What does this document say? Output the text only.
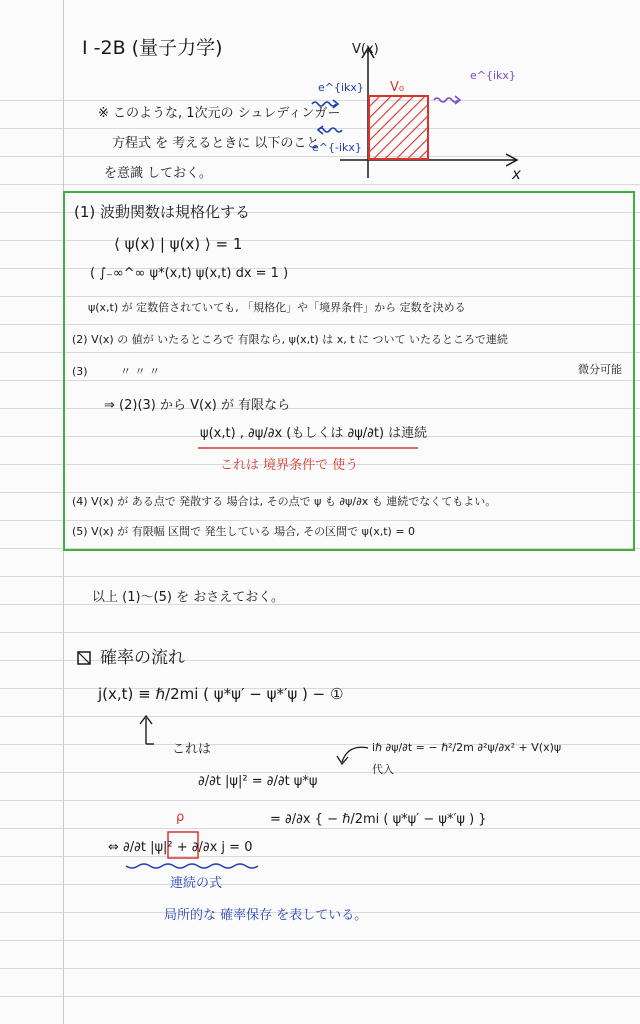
I -2B (量子力学)
※ このような, 1次元の シュレディンガー
方程式 を 考えるときに 以下のこと
を意識 しておく。
V(x)
x
V₀
e^{ikx}
e^{-ikx}
e^{ikx}
(1) 波動関数は規格化する
⟨ ψ(x) | ψ(x) ⟩ = 1
( ∫₋∞^∞ ψ*(x,t) ψ(x,t) dx = 1 )
ψ(x,t) が 定数倍されていても, 「規格化」や「境界条件」から 定数を決める
(2) V(x) の 値が いたるところで 有限なら, ψ(x,t) は x, t に ついて いたるところで連続
(3)	〃 〃 〃	微分可能
⇒ (2)(3) から V(x) が 有限なら
ψ(x,t) , ∂ψ/∂x (もしくは ∂ψ/∂t) は連続
これは 境界条件で 使う
(4) V(x) が ある点で 発散する 場合は, その点で ψ も ∂ψ/∂x も 連続でなくてもよい。
(5) V(x) が 有限幅 区間で 発生している 場合, その区間で ψ(x,t) = 0
以上 (1)〜(5) を おさえておく。
確率の流れ
j(x,t) ≡ ℏ/2mi ( ψ*ψ′ − ψ*′ψ ) − ①
これは	iℏ ∂ψ/∂t = − ℏ²/2m ∂²ψ/∂x² + V(x)ψ
代入
∂/∂t |ψ|² = ∂/∂t ψ*ψ
= ∂/∂x { − ℏ/2mi ( ψ*ψ′ − ψ*′ψ ) }
ρ
⇔ ∂/∂t |ψ|² + ∂/∂x j = 0
連続の式
局所的な 確率保存 を表している。
